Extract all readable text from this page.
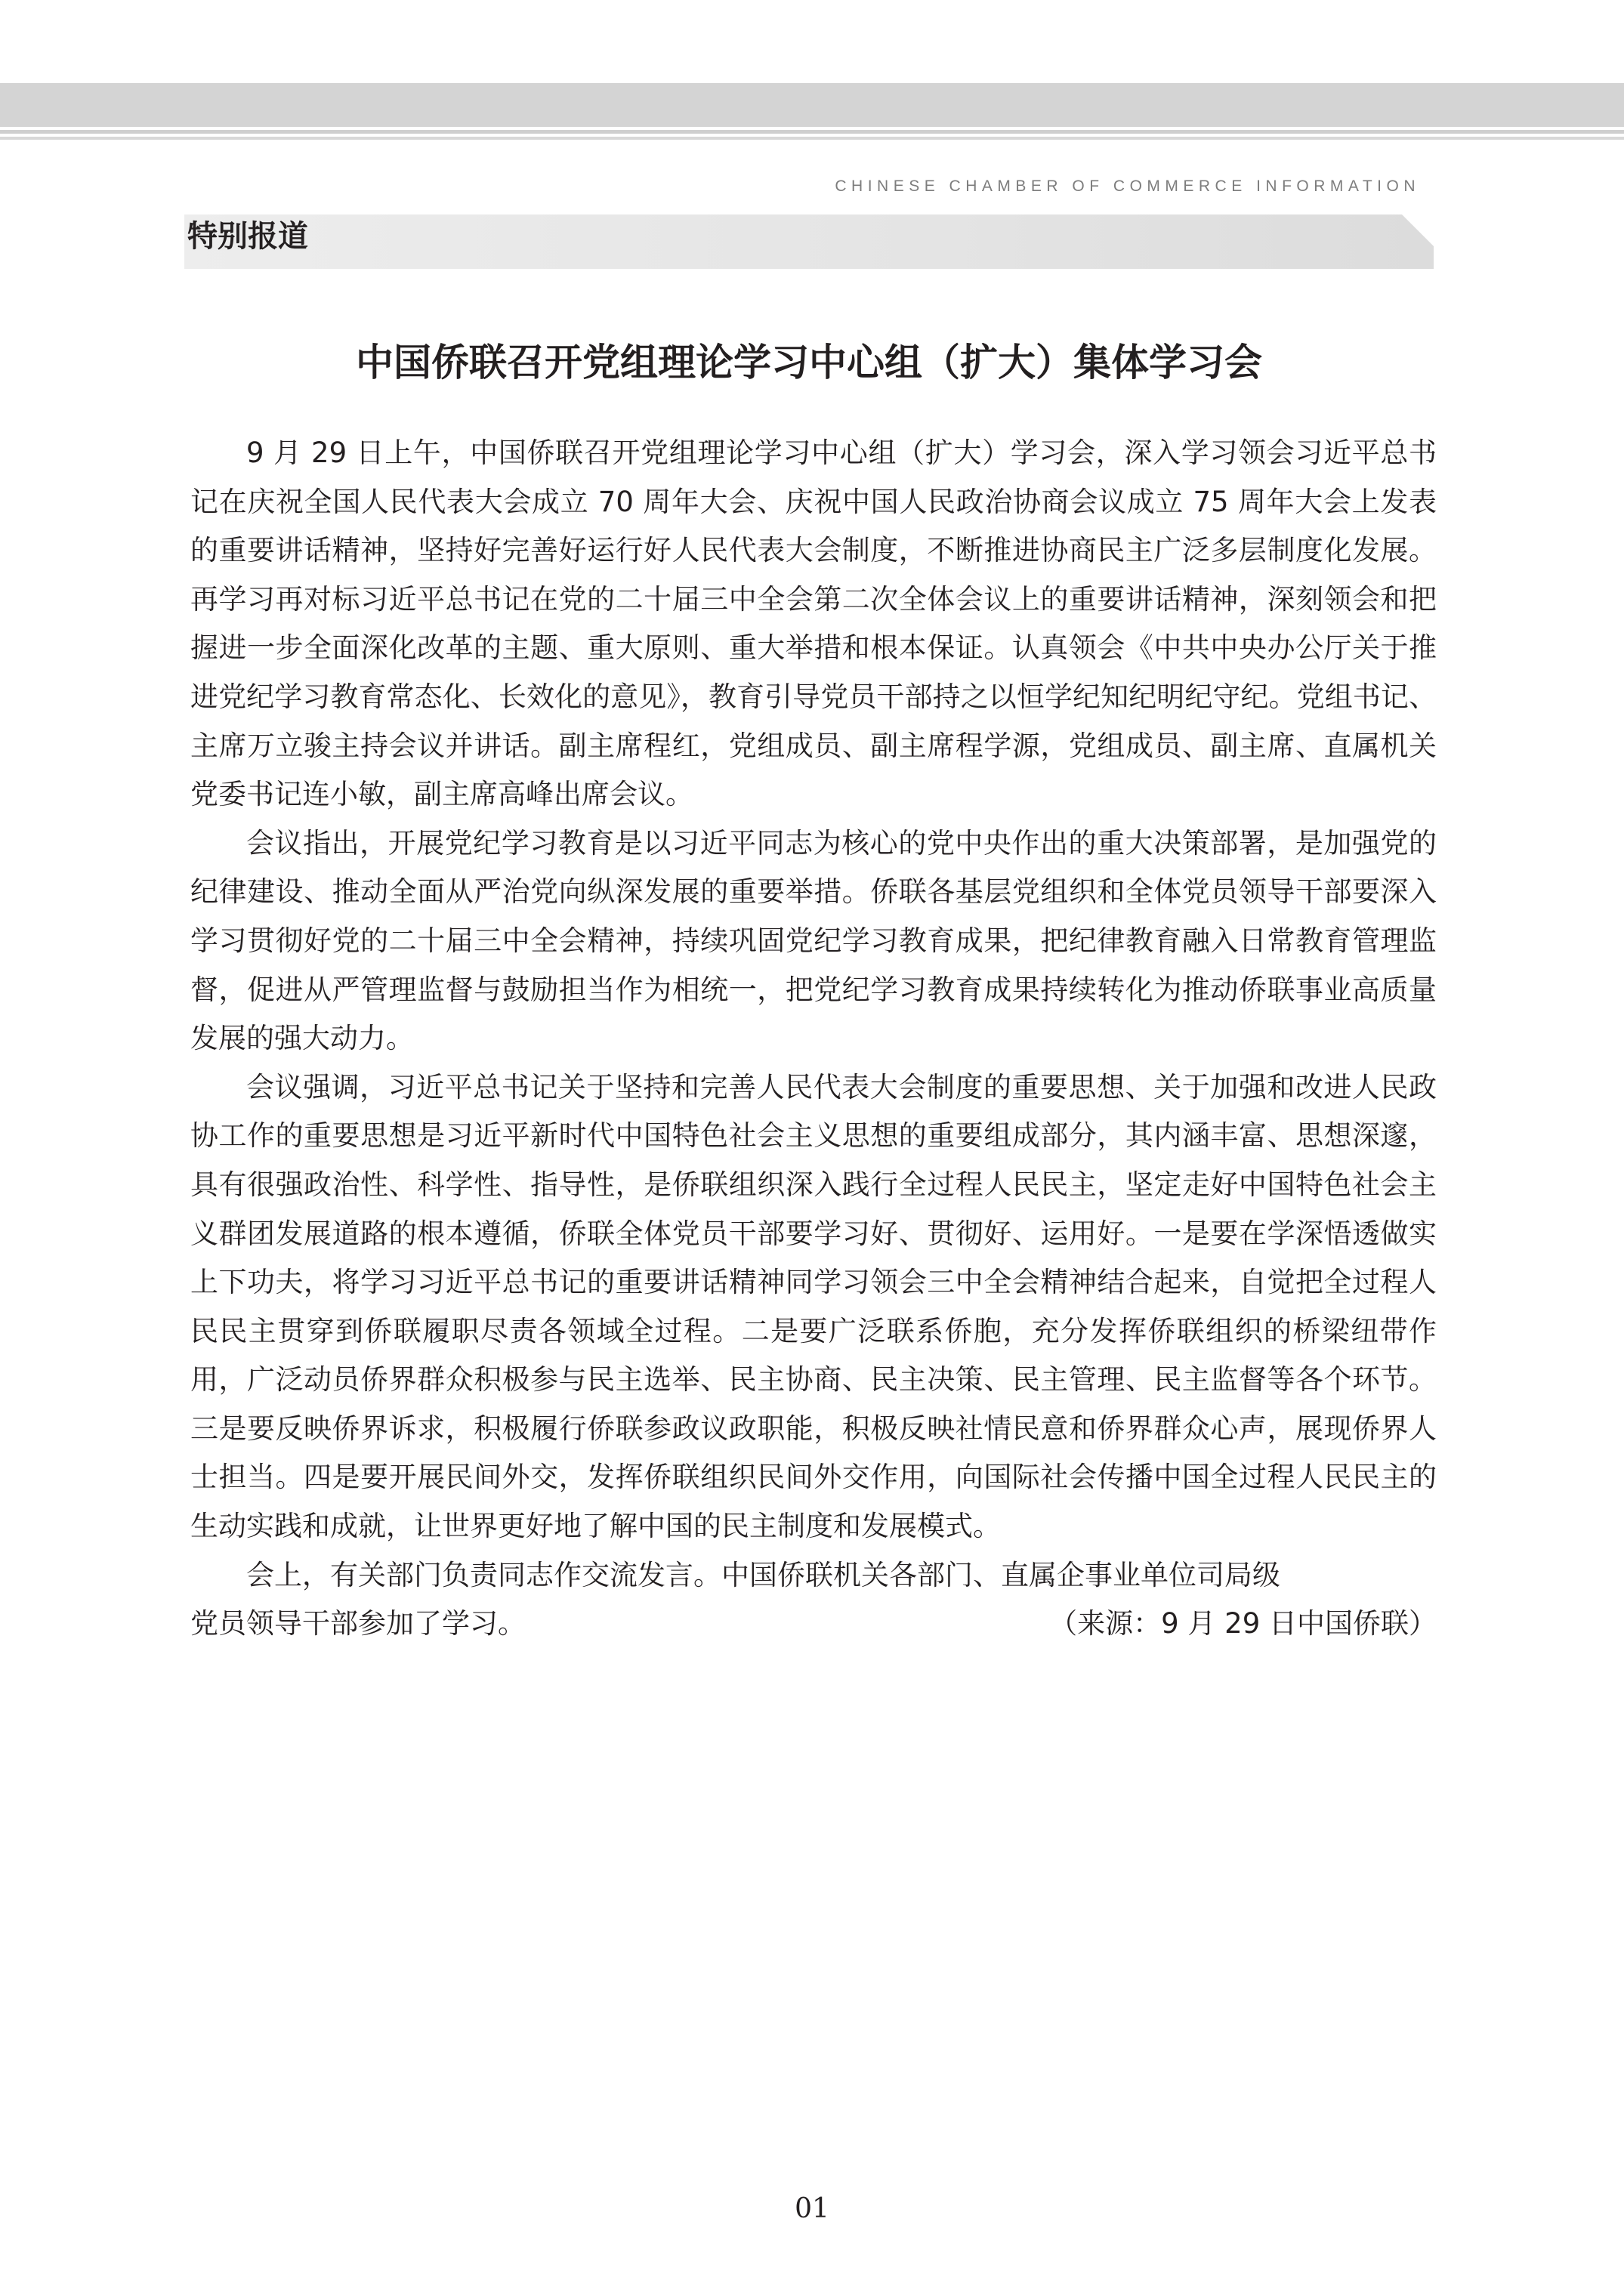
CHINESE CHAMBER OF COMMERCE INFORMATION
特别报道
中国侨联召开党组理论学习中心组（扩大）集体学习会

9 月 29 日上午，中国侨联召开党组理论学习中心组（扩大）学习会，深入学习领会习近平总书记在庆祝全国人民代表大会成立 70 周年大会、庆祝中国人民政治协商会议成立 75 周年大会上发表的重要讲话精神，坚持好完善好运行好人民代表大会制度，不断推进协商民主广泛多层制度化发展。再学习再对标习近平总书记在党的二十届三中全会第二次全体会议上的重要讲话精神，深刻领会和把握进一步全面深化改革的主题、重大原则、重大举措和根本保证。认真领会《中共中央办公厅关于推进党纪学习教育常态化、长效化的意见》，教育引导党员干部持之以恒学纪知纪明纪守纪。党组书记、主席万立骏主持会议并讲话。副主席程红，党组成员、副主席程学源，党组成员、副主席、直属机关党委书记连小敏，副主席高峰出席会议。

会议指出，开展党纪学习教育是以习近平同志为核心的党中央作出的重大决策部署，是加强党的纪律建设、推动全面从严治党向纵深发展的重要举措。侨联各基层党组织和全体党员领导干部要深入学习贯彻好党的二十届三中全会精神，持续巩固党纪学习教育成果，把纪律教育融入日常教育管理监督，促进从严管理监督与鼓励担当作为相统一，把党纪学习教育成果持续转化为推动侨联事业高质量发展的强大动力。

会议强调，习近平总书记关于坚持和完善人民代表大会制度的重要思想、关于加强和改进人民政协工作的重要思想是习近平新时代中国特色社会主义思想的重要组成部分，其内涵丰富、思想深邃，具有很强政治性、科学性、指导性，是侨联组织深入践行全过程人民民主，坚定走好中国特色社会主义群团发展道路的根本遵循，侨联全体党员干部要学习好、贯彻好、运用好。一是要在学深悟透做实上下功夫，将学习习近平总书记的重要讲话精神同学习领会三中全会精神结合起来，自觉把全过程人民民主贯穿到侨联履职尽责各领域全过程。二是要广泛联系侨胞，充分发挥侨联组织的桥梁纽带作用，广泛动员侨界群众积极参与民主选举、民主协商、民主决策、民主管理、民主监督等各个环节。三是要反映侨界诉求，积极履行侨联参政议政职能，积极反映社情民意和侨界群众心声，展现侨界人士担当。四是要开展民间外交，发挥侨联组织民间外交作用，向国际社会传播中国全过程人民民主的生动实践和成就，让世界更好地了解中国的民主制度和发展模式。

会上，有关部门负责同志作交流发言。中国侨联机关各部门、直属企事业单位司局级
党员领导干部参加了学习。	（来源：9 月 29 日中国侨联）
01
